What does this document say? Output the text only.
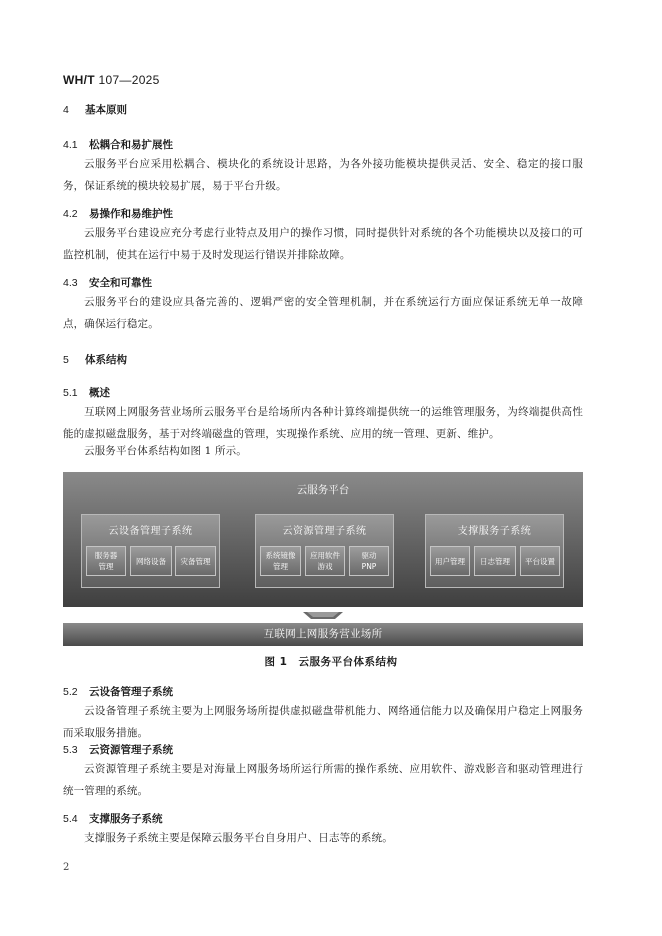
WH/T 107—2025
4 基本原则
4.1 松耦合和易扩展性
云服务平台应采用松耦合、模块化的系统设计思路，为各外接功能模块提供灵活、安全、稳定的接口服务，保证系统的模块较易扩展，易于平台升级。
4.2 易操作和易维护性
云服务平台建设应充分考虑行业特点及用户的操作习惯，同时提供针对系统的各个功能模块以及接口的可监控机制，使其在运行中易于及时发现运行错误并排除故障。
4.3 安全和可靠性
云服务平台的建设应具备完善的、逻辑严密的安全管理机制，并在系统运行方面应保证系统无单一故障点，确保运行稳定。
5 体系结构
5.1 概述
互联网上网服务营业场所云服务平台是给场所内各种计算终端提供统一的运维管理服务，为终端提供高性能的虚拟磁盘服务，基于对终端磁盘的管理，实现操作系统、应用的统一管理、更新、维护。
云服务平台体系结构如图 1 所示。
云服务平台
云设备管理子系统
服务器
管理
网络设备	灾备管理
云资源管理子系统
系统镜像
管理
应用软件
游戏
驱动
PNP
支撑服务子系统
用户管理	日志管理	平台设置
互联网上网服务营业场所
图 1　云服务平台体系结构
5.2 云设备管理子系统
云设备管理子系统主要为上网服务场所提供虚拟磁盘带机能力、网络通信能力以及确保用户稳定上网服务而采取服务措施。
5.3 云资源管理子系统
云资源管理子系统主要是对海量上网服务场所运行所需的操作系统、应用软件、游戏影音和驱动管理进行统一管理的系统。
5.4 支撑服务子系统
支撑服务子系统主要是保障云服务平台自身用户、日志等的系统。
2
